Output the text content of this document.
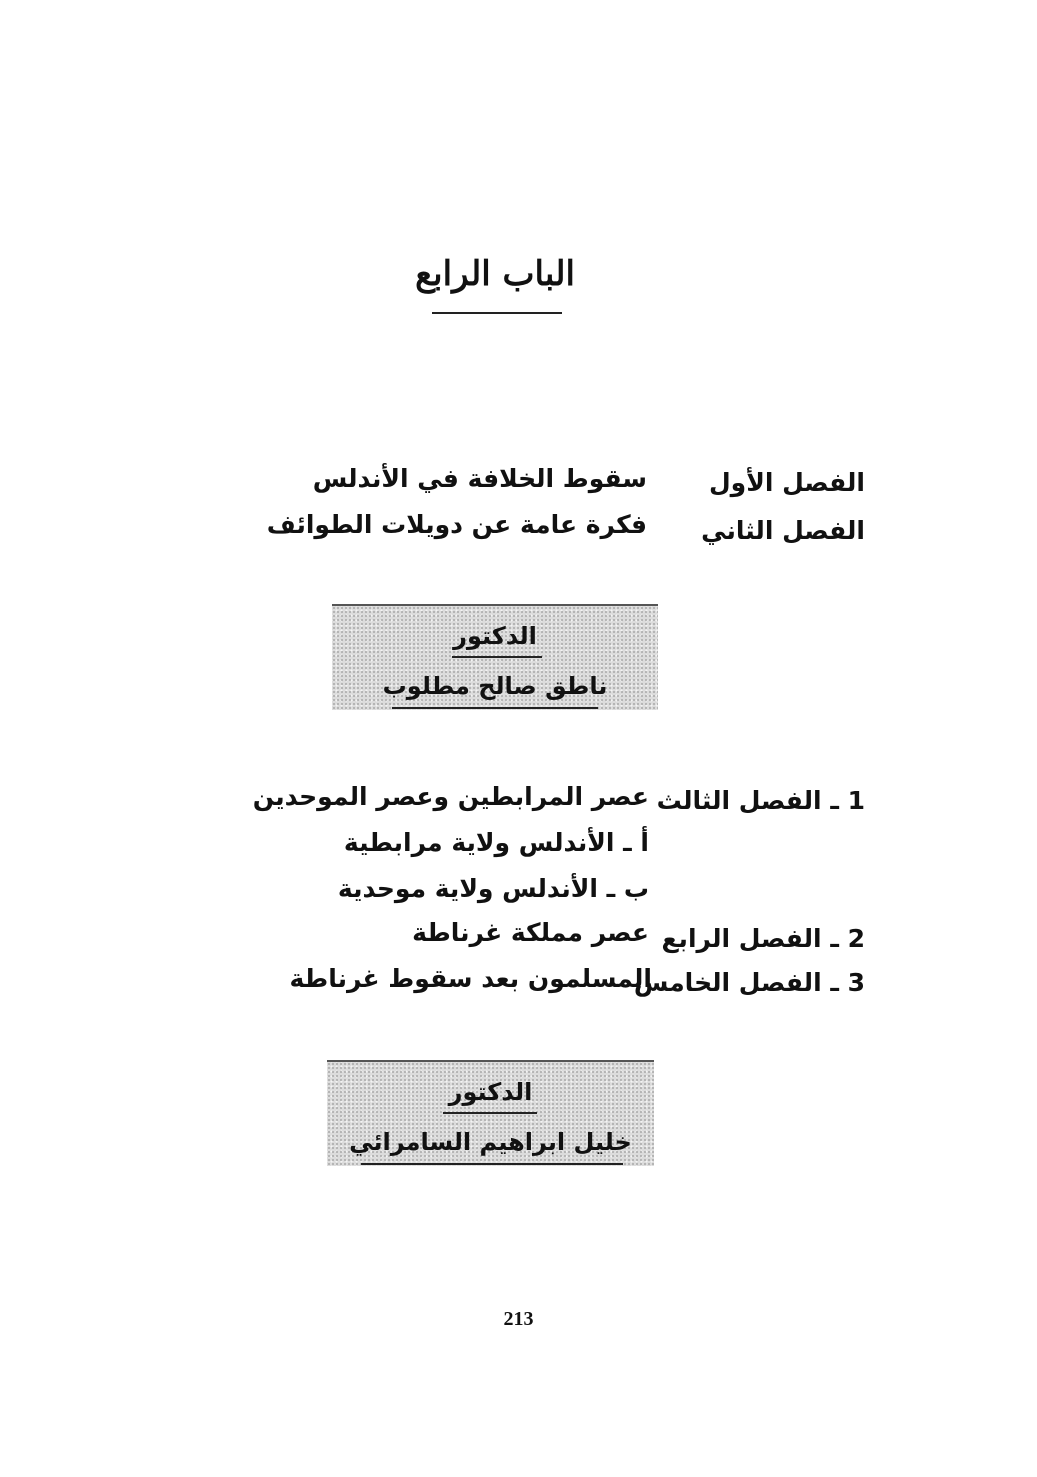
الباب الرابع
الفصل الأول
سقوط الخلافة في الأندلس
الفصل الثاني
فكرة عامة عن دويلات الطوائف
الدكتور
ناطق صالح مطلوب
1 ـ الفصل الثالث
عصر المرابطين وعصر الموحدين
أ ـ الأندلس ولاية مرابطية
ب ـ الأندلس ولاية موحدية
2 ـ الفصل الرابع
عصر مملكة غرناطة
3 ـ الفصل الخامس
المسلمون بعد سقوط غرناطة
الدكتور
خليل ابراهيم السامرائي
213
